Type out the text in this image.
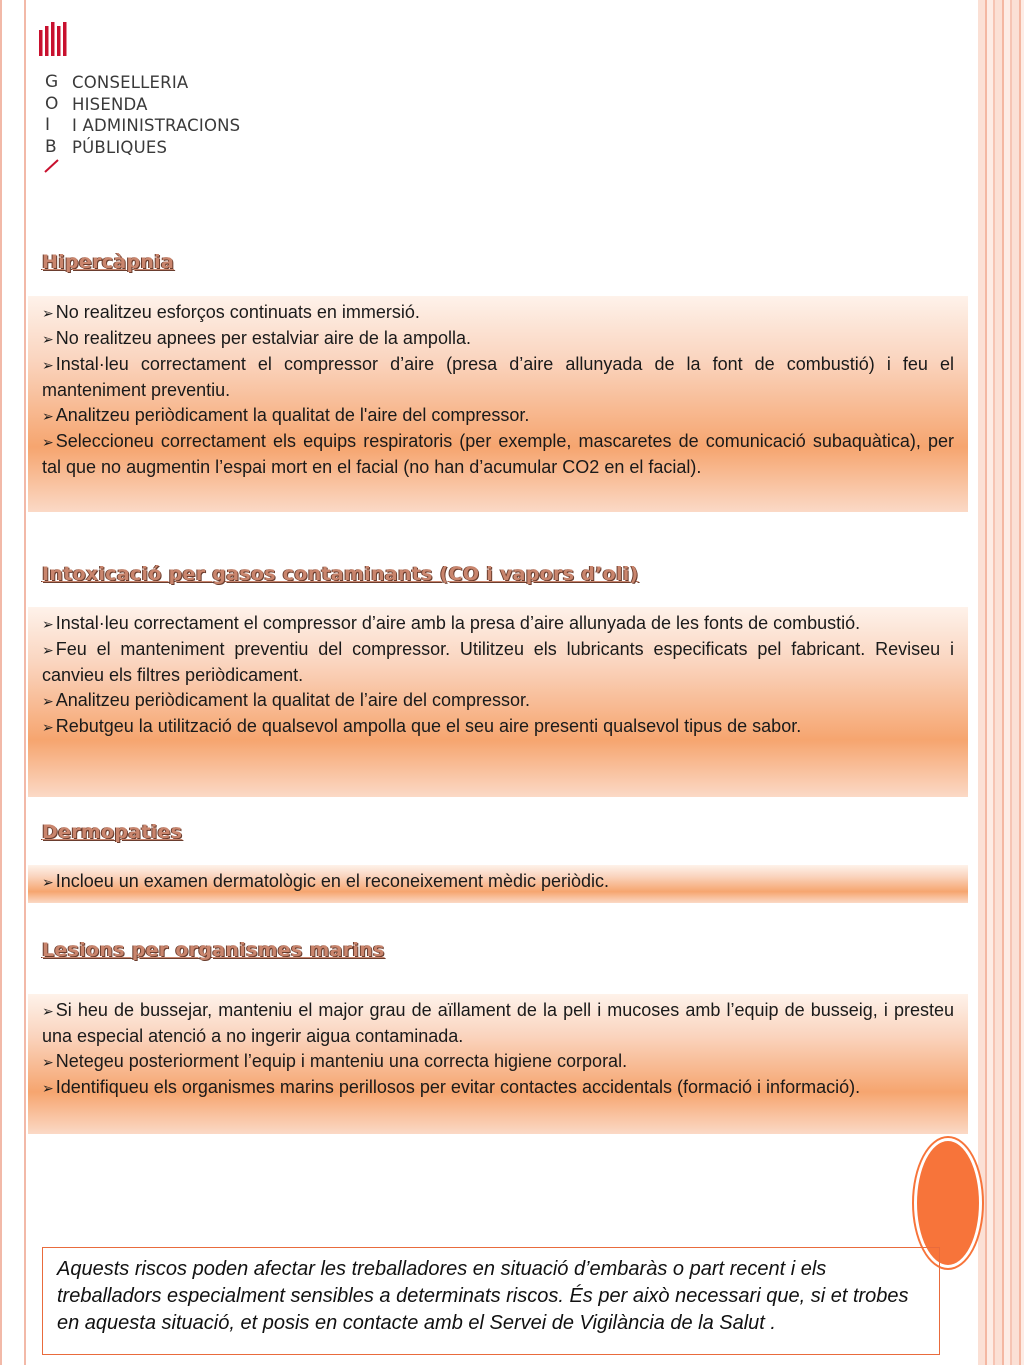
G
O
I
B
CONSELLERIA
HISENDA
I ADMINISTRACIONS
PÚBLIQUES
Hipercàpnia

➢ No realitzeu esforços continuats en immersió.

➢ No realitzeu apnees per estalviar aire de la ampolla.

➢ Instal·leu correctament el compressor d’aire (presa d’aire allunyada de la font de combustió) i feu el manteniment preventiu.

➢ Analitzeu periòdicament la qualitat de l'aire del compressor.

➢ Seleccioneu correctament els equips respiratoris (per exemple, mascaretes de comunicació subaquàtica), per tal que no augmentin l’espai mort en el facial (no han d’acumular CO2 en el facial).

Intoxicació per gasos contaminants (CO i vapors d’oli)

➢ Instal·leu correctament el compressor d’aire amb la presa d’aire allunyada de les fonts de combustió.

➢ Feu el manteniment preventiu del compressor. Utilitzeu els lubricants especificats pel fabricant. Reviseu i canvieu els filtres periòdicament.

➢ Analitzeu periòdicament la qualitat de l’aire del compressor.

➢ Rebutgeu la utilització de qualsevol ampolla que el seu aire presenti qualsevol tipus de sabor.

Dermopaties

➢ Incloeu un examen dermatològic en el reconeixement mèdic periòdic.

Lesions per organismes marins

➢ Si heu de bussejar, manteniu el major grau de aïllament de la pell i mucoses amb l’equip de busseig, i presteu una especial atenció a no ingerir aigua contaminada.

➢ Netegeu posteriorment l’equip i manteniu una correcta higiene corporal.

➢ Identifiqueu els organismes marins perillosos per evitar contactes accidentals (formació i informació).

Aquests riscos poden afectar les treballadores en situació d’embaràs o part recent i els treballadors especialment sensibles a determinats riscos. És per això necessari que, si et trobes en aquesta situació, et posis en contacte amb el Servei de Vigilància de la Salut .
